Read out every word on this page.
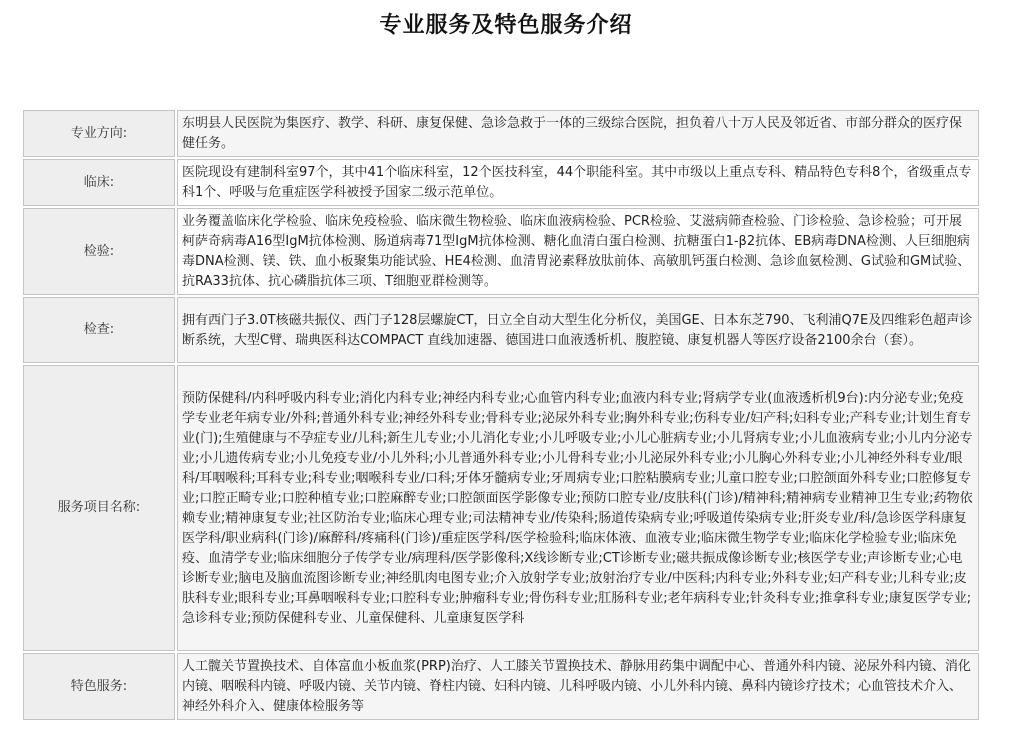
专业服务及特色服务介绍
专业方向:	东明县人民医院为集医疗、教学、科研、康复保健、急诊急救于一体的三级综合医院，担负着八十万人民及邻近省、市部分群众的医疗保健任务。
临床:	医院现设有建制科室97个，其中41个临床科室，12个医技科室，44个职能科室。其中市级以上重点专科、精品特色专科8个，省级重点专科1个、呼吸与危重症医学科被授予国家二级示范单位。
检验:	业务覆盖临床化学检验、临床免疫检验、临床微生物检验、临床血液病检验、PCR检验、艾滋病筛查检验、门诊检验、急诊检验；可开展柯萨奇病毒A16型IgM抗体检测、肠道病毒71型IgM抗体检测、糖化血清白蛋白检测、抗糖蛋白1-β2抗体、EB病毒DNA检测、人巨细胞病毒DNA检测、镁、铁、血小板聚集功能试验、HE4检测、血清胃泌素释放肽前体、高敏肌钙蛋白检测、急诊血氨检测、G试验和GM试验、抗RA33抗体、抗心磷脂抗体三项、T细胞亚群检测等。
检查:	拥有西门子3.0T核磁共振仪、西门子128层螺旋CT，日立全自动大型生化分析仪，美国GE、日本东芝790、飞利浦Q7E及四维彩色超声诊断系统，大型C臂、瑞典医科达COMPACT 直线加速器、德国进口血液透析机、腹腔镜、康复机器人等医疗设备2100余台（套）。
服务项目名称:	预防保健科/内科呼吸内科专业;消化内科专业;神经内科专业;心血管内科专业;血液内科专业;肾病学专业(血液透析机9台):内分泌专业;免疫学专业老年病专业/外科;普通外科专业;神经外科专业;骨科专业;泌尿外科专业;胸外科专业;伤科专业/妇产科;妇科专业;产科专业;计划生育专业(门);生殖健康与不孕症专业/儿科;新生儿专业;小儿消化专业;小儿呼吸专业;小儿心脏病专业;小儿肾病专业;小儿血液病专业;小儿内分泌专业;小儿遗传病专业;小儿免疫专业/小儿外科;小儿普通外科专业;小儿骨科专业;小儿泌尿外科专业;小儿胸心外科专业;小儿神经外科专业/眼科/耳咽喉科;耳科专业;科专业;咽喉科专业/口科;牙体牙髓病专业;牙周病专业;口腔粘膜病专业;儿童口腔专业;口腔颌面外科专业;口腔修复专业;口腔正畸专业;口腔种植专业;口腔麻醉专业;口腔颌面医学影像专业;预防口腔专业/皮肤科(门诊)/精神科;精神病专业精神卫生专业;药物依赖专业;精神康复专业;社区防治专业;临床心理专业;司法精神专业/传染科;肠道传染病专业;呼吸道传染病专业;肝炎专业/科/急诊医学科康复医学科/职业病科(门诊)/麻醉科/疼痛科(门诊)/重症医学科/医学检验科;临床体液、血液专业;临床微生物学专业;临床化学检验专业;临床免疫、血清学专业;临床细胞分子传学专业/病理科/医学影像科;X线诊断专业;CT诊断专业;磁共振成像诊断专业;核医学专业;声诊断专业;心电诊断专业;脑电及脑血流图诊断专业;神经肌肉电图专业;介入放射学专业;放射治疗专业/中医科;内科专业;外科专业;妇产科专业;儿科专业;皮肤科专业;眼科专业;耳鼻咽喉科专业;口腔科专业;肿瘤科专业;骨伤科专业;肛肠科专业;老年病科专业;针灸科专业;推拿科专业;康复医学专业;急诊科专业;预防保健科专业、儿童保健科、儿童康复医学科
特色服务:	人工髋关节置换技术、自体富血小板血浆(PRP)治疗、人工膝关节置换技术、静脉用药集中调配中心、普通外科内镜、泌尿外科内镜、消化内镜、咽喉科内镜、呼吸内镜、关节内镜、脊柱内镜、妇科内镜、儿科呼吸内镜、小儿外科内镜、鼻科内镜诊疗技术；心血管技术介入、神经外科介入、健康体检服务等
